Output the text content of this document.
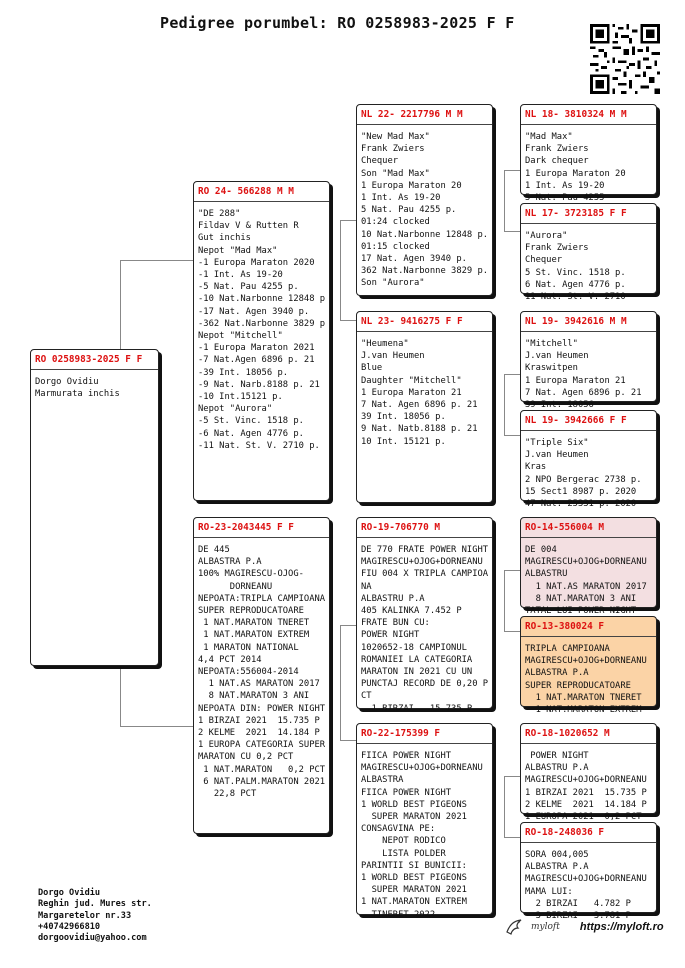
Pedigree porumbel: RO 0258983-2025 F F
RO 0258983-2025 F F
Dorgo Ovidiu
Marmurata inchis
RO 24- 566288 M M
"DE 288"
Fildav V & Rutten R
Gut inchis
Nepot "Mad Max"
-1 Europa Maraton 2020
-1 Int. As 19-20
-5 Nat. Pau 4255 p.
-10 Nat.Narbonne 12848 p
-17 Nat. Agen 3940 p.
-362 Nat.Narbonne 3829 p
Nepot "Mitchell"
-1 Europa Maraton 2021
-7 Nat.Agen 6896 p. 21
-39 Int. 18056 p.
-9 Nat. Narb.8188 p. 21
-10 Int.15121 p.
Nepot "Aurora"
-5 St. Vinc. 1518 p.
-6 Nat. Agen 4776 p.
-11 Nat. St. V. 2710 p.
RO-23-2043445 F F
DE 445
ALBASTRA P.A
100% MAGIRESCU-OJOG-
DORNEANU
NEPOATA:TRIPLA CAMPIOANA
SUPER REPRODUCATOARE
1 NAT.MARATON TNERET
1 NAT.MARATON EXTREM
1 MARATON NATIONAL
4,4 PCT 2014
NEPOATA:556004-2014
1 NAT.AS MARATON 2017
8 NAT.MARATON 3 ANI
NEPOATA DIN: POWER NIGHT
1 BIRZAI 2021  15.735 P
2 KELME  2021  14.184 P
1 EUROPA CATEGORIA SUPER
MARATON CU 0,2 PCT
1 NAT.MARATON   0,2 PCT
6 NAT.PALM.MARATON 2021
22,8 PCT
NL 22- 2217796 M M
"New Mad Max"
Frank Zwiers
Chequer
Son "Mad Max"
1 Europa Maraton 20
1 Int. As 19-20
5 Nat. Pau 4255 p.
01:24 clocked
10 Nat.Narbonne 12848 p.
01:15 clocked
17 Nat. Agen 3940 p.
362 Nat.Narbonne 3829 p.
Son "Aurora"
NL 23- 9416275 F F
"Heumena"
J.van Heumen
Blue
Daughter "Mitchell"
1 Europa Maraton 21
7 Nat. Agen 6896 p. 21
39 Int. 18056 p.
9 Nat. Natb.8188 p. 21
10 Int. 15121 p.
RO-19-706770 M
DE 770 FRATE POWER NIGHT
MAGIRESCU+OJOG+DORNEANU
FIU 004 X TRIPLA CAMPIOA
NA
ALBASTRU P.A
405 KALINKA 7.452 P
FRATE BUN CU:
POWER NIGHT
1020652-18 CAMPIONUL
ROMANIEI LA CATEGORIA
MARATON IN 2021 CU UN
PUNCTAJ RECORD DE 0,20 P
CT
1 BIRZAI   15.735 P
RO-22-175399 F
FIICA POWER NIGHT
MAGIRESCU+OJOG+DORNEANU
ALBASTRA
FIICA POWER NIGHT
1 WORLD BEST PIGEONS
SUPER MARATON 2021
CONSAGVINA PE:
NEPOT RODICO
LISTA POLDER
PARINTII SI BUNICII:
1 WORLD BEST PIGEONS
SUPER MARATON 2021
1 NAT.MARATON EXTREM
TINERET 2022
NL 18- 3810324 M M
"Mad Max"
Frank Zwiers
Dark chequer
1 Europa Maraton 20
1 Int. As 19-20
5 Nat. Pau 4255
NL 17- 3723185 F F
"Aurora"
Frank Zwiers
Chequer
5 St. Vinc. 1518 p.
6 Nat. Agen 4776 p.
11 Nat. St. V. 2710
NL 19- 3942616 M M
"Mitchell"
J.van Heumen
Kraswitpen
1 Europa Maraton 21
7 Nat. Agen 6896 p. 21
39 Int. 18056
NL 19- 3942666 F F
"Triple Six"
J.van Heumen
Kras
2 NPO Bergerac 2738 p.
15 Sect1 8987 p. 2020
47 Nat. 25331 p. 2020
RO-14-556004 M
DE 004
MAGIRESCU+OJOG+DORNEANU
ALBASTRU
1 NAT.AS MARATON 2017
8 NAT.MARATON 3 ANI
TATAL LUI POWER NIGHT
RO-13-380024 F
TRIPLA CAMPIOANA
MAGIRESCU+OJOG+DORNEANU
ALBASTRA P.A
SUPER REPRODUCATOARE
1 NAT.MARATON TNERET
1 NAT.MARATON EXTREM
RO-18-1020652 M
POWER NIGHT
ALBASTRU P.A
MAGIRESCU+OJOG+DORNEANU
1 BIRZAI 2021  15.735 P
2 KELME  2021  14.184 P
1 EUROPA 2021  0,2 PCT
RO-18-248036 F
SORA 004,005
ALBASTRA P.A
MAGIRESCU+OJOG+DORNEANU
MAMA LUI:
2 BIRZAI   4.782 P
3 BIRZAI   3.781 P
Dorgo Ovidiu
Reghin jud. Mures str.
Margaretelor nr.33
+40742966810
dorgoovidiu@yahoo.com
myloft https://myloft.ro
